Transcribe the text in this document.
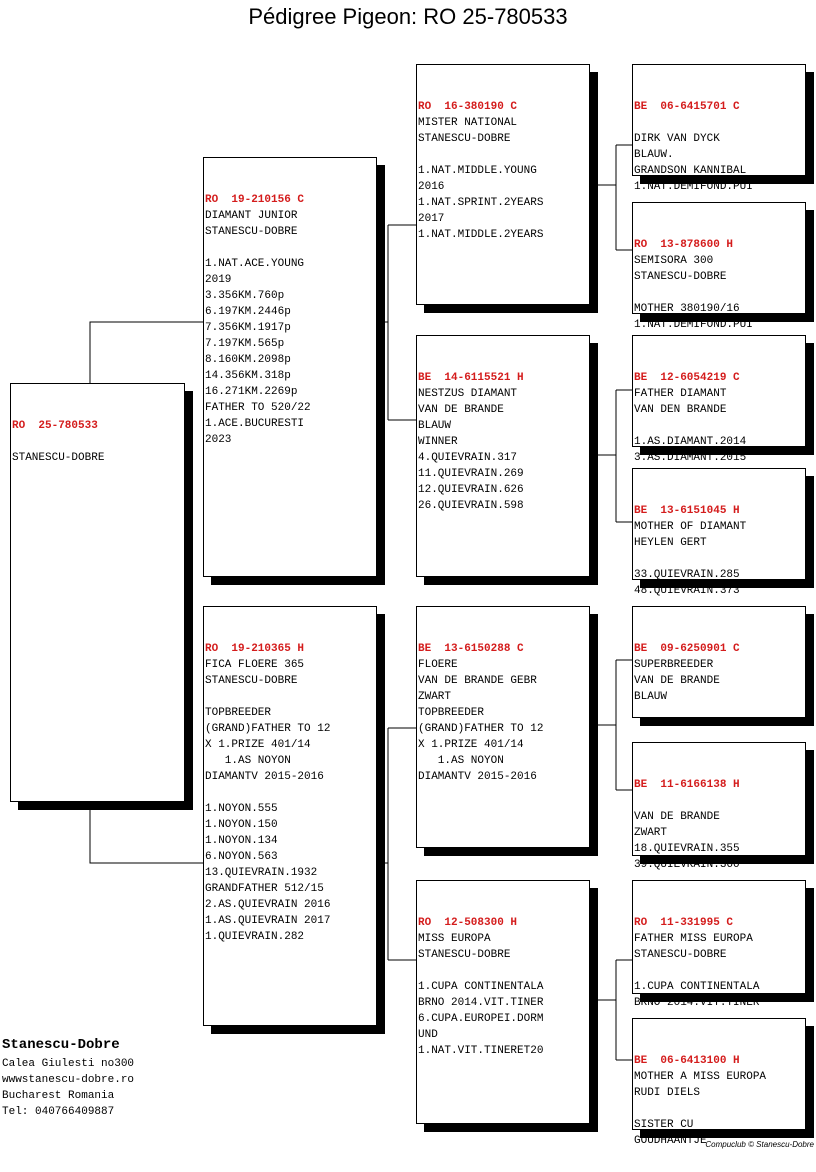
Pédigree Pigeon: RO 25-780533

RO  25-780533

STANESCU-DOBRE

RO  19-210156 C
DIAMANT JUNIOR
STANESCU-DOBRE

1.NAT.ACE.YOUNG
2019
3.356KM.760p
6.197KM.2446p
7.356KM.1917p
7.197KM.565p
8.160KM.2098p
14.356KM.318p
16.271KM.2269p
FATHER TO 520/22
1.ACE.BUCURESTI
2023

RO  19-210365 H
FICA FLOERE 365
STANESCU-DOBRE

TOPBREEDER
(GRAND)FATHER TO 12
X 1.PRIZE 401/14
1.AS NOYON
DIAMANTV 2015-2016

1.NOYON.555
1.NOYON.150
1.NOYON.134
6.NOYON.563
13.QUIEVRAIN.1932
GRANDFATHER 512/15
2.AS.QUIEVRAIN 2016
1.AS.QUIEVRAIN 2017
1.QUIEVRAIN.282

RO  16-380190 C
MISTER NATIONAL
STANESCU-DOBRE

1.NAT.MIDDLE.YOUNG
2016
1.NAT.SPRINT.2YEARS
2017
1.NAT.MIDDLE.2YEARS

BE  14-6115521 H
NESTZUS DIAMANT
VAN DE BRANDE
BLAUW
WINNER
4.QUIEVRAIN.317
11.QUIEVRAIN.269
12.QUIEVRAIN.626
26.QUIEVRAIN.598

BE  13-6150288 C
FLOERE
VAN DE BRANDE GEBR
ZWART
TOPBREEDER
(GRAND)FATHER TO 12
X 1.PRIZE 401/14
1.AS NOYON
DIAMANTV 2015-2016

RO  12-508300 H
MISS EUROPA
STANESCU-DOBRE

1.CUPA CONTINENTALA
BRNO 2014.VIT.TINER
6.CUPA.EUROPEI.DORM
UND
1.NAT.VIT.TINERET20

BE  06-6415701 C

DIRK VAN DYCK
BLAUW.
GRANDSON KANNIBAL
1.NAT.DEMIFOND.PUI

RO  13-878600 H
SEMISORA 300
STANESCU-DOBRE

MOTHER 380190/16
1.NAT.DEMIFOND.PUI

BE  12-6054219 C
FATHER DIAMANT
VAN DEN BRANDE

1.AS.DIAMANT.2014
3.AS.DIAMANT.2015

BE  13-6151045 H
MOTHER OF DIAMANT
HEYLEN GERT

33.QUIEVRAIN.285
48.QUIEVRAIN.373

BE  09-6250901 C
SUPERBREEDER
VAN DE BRANDE
BLAUW

BE  11-6166138 H

VAN DE BRANDE
ZWART
18.QUIEVRAIN.355
39.QUIEVRAIN.360

RO  11-331995 C
FATHER MISS EUROPA
STANESCU-DOBRE

1.CUPA CONTINENTALA
BRNO 2014.VIT.TINER

BE  06-6413100 H
MOTHER A MISS EUROPA
RUDI DIELS

SISTER CU
GOUDHAANTJE

Stanescu-Dobre
Calea Giulesti no300
wwwstanescu-dobre.ro
Bucharest Romania
Tel: 040766409887
Compuclub © Stanescu-Dobre
